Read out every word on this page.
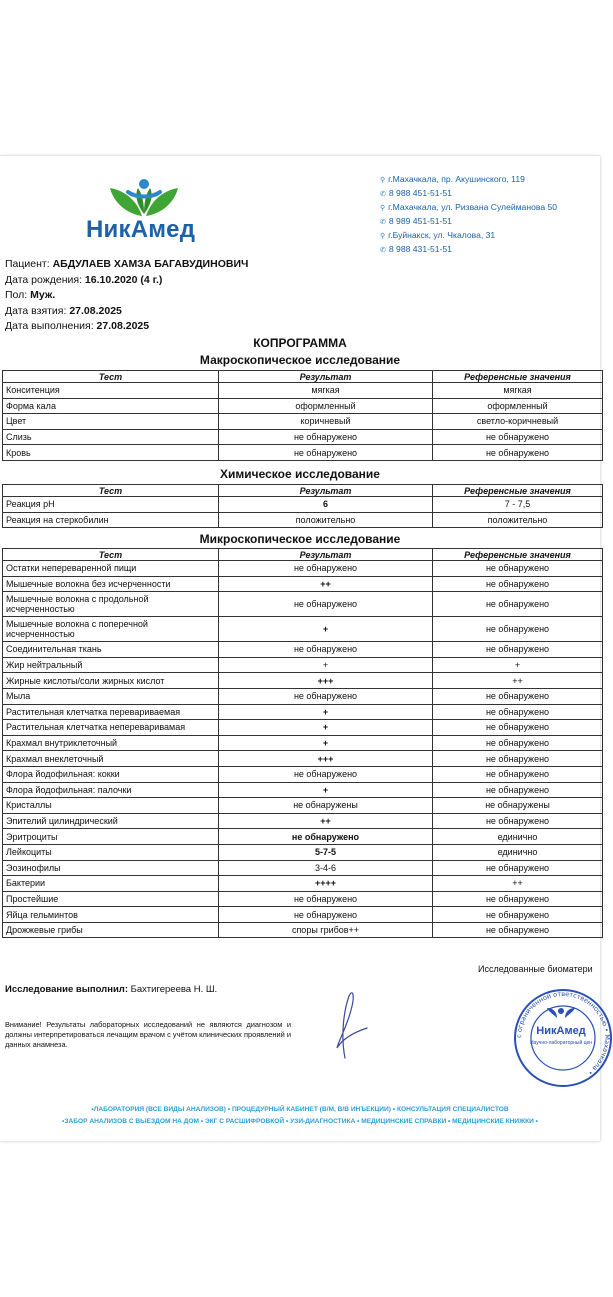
НикАмед
⚲ г.Махачкала, пр. Акушинского, 119
✆ 8 988 451-51-51
⚲ г.Махачкала, ул. Ризвана Сулейманова 50
✆ 8 989 451-51-51
⚲ г.Буйнакск, ул. Чкалова, 31
✆ 8 988 431-51-51
Пациент: АБДУЛАЕВ ХАМЗА БАГАВУДИНОВИЧ
Дата рождения: 16.10.2020 (4 г.)
Пол: Муж.
Дата взятия: 27.08.2025
Дата выполнения: 27.08.2025
КОПРОГРАММА
Макроскопическое исследование
Тест	Результат	Референсные значения
Конситенция	мягкая	мягкая
Форма кала	оформленный	оформленный
Цвет	коричневый	светло-коричневый
Слизь	не обнаружено	не обнаружено
Кровь	не обнаружено	не обнаружено
Химическое исследование
Тест	Результат	Референсные значения
Реакция pH	6	7 - 7,5
Реакция на стеркобилин	положительно	положительно
Микроскопическое исследование
Тест	Результат	Референсные значения
Остатки непереваренной пищи	не обнаружено	не обнаружено
Мышечные волокна без исчерченности	++	не обнаружено
Мышечные волокна с продольной исчерченностью	не обнаружено	не обнаружено
Мышечные волокна с поперечной исчерченностью	+	не обнаружено
Соединительная ткань	не обнаружено	не обнаружено
Жир нейтральный	+	+
Жирные кислоты/соли жирных кислот	+++	++
Мыла	не обнаружено	не обнаружено
Растительная клетчатка перевариваемая	+	не обнаружено
Растительная клетчатка непереваривамая	+	не обнаружено
Крахмал внутриклеточный	+	не обнаружено
Крахмал внеклеточный	+++	не обнаружено
Флора йодофильная: кокки	не обнаружено	не обнаружено
Флора йодофильная: палочки	+	не обнаружено
Кристаллы	не обнаружены	не обнаружены
Эпителий цилиндрический	++	не обнаружено
Эритроциты	не обнаружено	единично
Лейкоциты	5-7-5	единично
Эозинофилы	3-4-6	не обнаружено
Бактерии	++++	++
Простейшие	не обнаружено	не обнаружено
Яйца гельминтов	не обнаружено	не обнаружено
Дрожжевые грибы	споры грибов++	не обнаружено
Исследованные биоматери
Исследование выполнил: Бахтигереева Н. Ш.
Внимание! Результаты лабораторных исследований не являются диагнозом и должны интерпретироваться лечащим врачом с учётом клинических проявлений и данных анамнеза.
с ограниченной ответственностью • Махачкала •
НикАмед
Научно-лабораторный цен
•ЛАБОРАТОРИЯ (ВСЕ ВИДЫ АНАЛИЗОВ) • ПРОЦЕДУРНЫЙ КАБИНЕТ (В/М, В/В ИНЪЕКЦИИ) • КОНСУЛЬТАЦИЯ СПЕЦИАЛИСТОВ
•ЗАБОР АНАЛИЗОВ С ВЫЕЗДОМ НА ДОМ • ЭКГ С РАСШИФРОВКОЙ • УЗИ-ДИАГНОСТИКА • МЕДИЦИНСКИЕ СПРАВКИ • МЕДИЦИНСКИЕ КНИЖКИ •
